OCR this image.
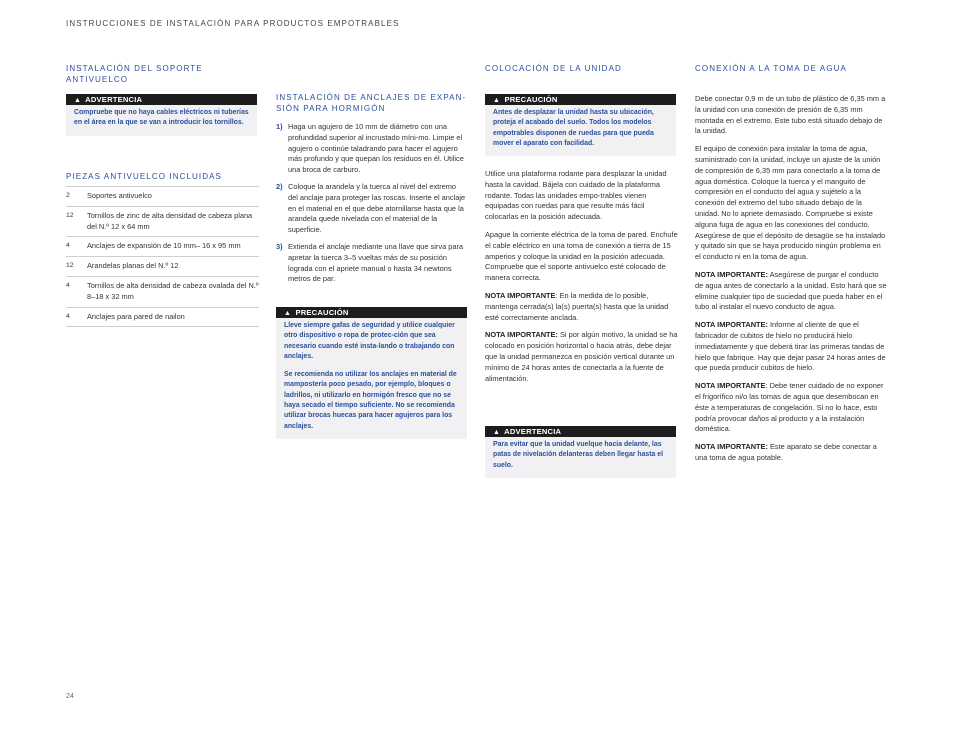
INSTRUCCIONES DE INSTALACIÓN PARA PRODUCTOS EMPOTRABLES
INSTALACIÓN DEL SOPORTE
ANTIVUELCO
▲ ADVERTENCIA

Compruebe que no haya cables eléctricos ni tuberías en el área en la que se van a introducir los tornillos.

PIEZAS ANTIVUELCO INCLUIDAS
2	Soportes antivuelco
12	Tornillos de zinc de alta densidad de cabeza plana del N.º 12 x 64 mm
4	Anclajes de expansión de 10 mm– 16 x 95 mm
12	Arandelas planas del N.º 12
4	Tornillos de alta densidad de cabeza ovalada del N.º 8–18 x 32 mm
4	Anclajes para pared de nailon
INSTALACIÓN DE ANCLAJES DE EXPAN-
SIÓN PARA HORMIGÓN
1) Haga un agujero de 10 mm de diámetro con una profundidad superior al incrustado míni-mo. Limpie el agujero o continúe taladrando para hacer el agujero más profundo y que quepan los residuos en él. Utilice una broca de carburo.
2) Coloque la arandela y la tuerca al nivel del extremo del anclaje para proteger las roscas. Inserte el anclaje en el material en el que debe atornillarse hasta que la arandela quede nivelada con el material de la superficie.
3) Extienda el anclaje mediante una llave que sirva para apretar la tuerca 3–5 vueltas más de su posición lograda con el apriete manual o hasta 34 newtons metros de par.
▲ PRECAUCIÓN

Lleve siempre gafas de seguridad y utilice cualquier otro dispositivo o ropa de protec-ción que sea necesario cuando esté insta-lando o trabajando con anclajes.

Se recomienda no utilizar los anclajes en material de mampostería poco pesado, por ejemplo, bloques o ladrillos, ni utilizarlo en hormigón fresco que no se haya secado el tiempo suficiente. No se recomienda utilizar brocas huecas para hacer agujeros para los anclajes.

COLOCACIÓN DE LA UNIDAD
▲ PRECAUCIÓN

Antes de desplazar la unidad hasta su ubicación, proteja el acabado del suelo. Todos los modelos empotrables disponen de ruedas para que pueda mover el aparato con facilidad.

Utilice una plataforma rodante para desplazar la unidad hasta la cavidad. Bájela con cuidado de la plataforma rodante. Todas las unidades empo-trables vienen equipadas con ruedas para que resulte más fácil colocarlas en la posición adecuada.

Apague la corriente eléctrica de la toma de pared. Enchufe el cable eléctrico en una toma de conexión a tierra de 15 amperios y coloque la unidad en la posición adecuada. Compruebe que el soporte antivuelco esté colocado de manera correcta.

NOTA IMPORTANTE: En la medida de lo posible, mantenga cerrada(s) la(s) puerta(s) hasta que la unidad esté correctamente anclada.

NOTA IMPORTANTE: Si por algún motivo, la unidad se ha colocado en posición horizontal o hacia atrás, debe dejar que la unidad permanezca en posición vertical durante un mínimo de 24 horas antes de conectarla a la fuente de alimentación.

▲ ADVERTENCIA

Para evitar que la unidad vuelque hacia delante, las patas de nivelación delanteras deben llegar hasta el suelo.

CONEXIÓN A LA TOMA DE AGUA

Debe conectar 0,9 m de un tubo de plástico de 6,35 mm a la unidad con una conexión de presión de 6,35 mm montada en el extremo. Este tubo está situado debajo de la unidad.

El equipo de conexión para instalar la toma de agua, suministrado con la unidad, incluye un ajuste de la unión de compresión de 6,35 mm para conectarlo a la toma de agua doméstica. Coloque la tuerca y el manguito de compresión en el conducto del agua y sujételo a la conexión del extremo del tubo situado debajo de la unidad. No lo apriete demasiado. Compruebe si existe alguna fuga de agua en las conexiones del conducto. Asegúrese de que el depósito de desagüe se ha instalado y quitado sin que se haya producido ningún problema en el conducto ni en la toma de agua.

NOTA IMPORTANTE: Asegúrese de purgar el conducto de agua antes de conectarlo a la unidad. Esto hará que se elimine cualquier tipo de suciedad que pueda haber en el tubo al instalar el nuevo conducto de agua.

NOTA IMPORTANTE: Informe al cliente de que el fabricador de cubitos de hielo no producirá hielo inmediatamente y que deberá tirar las primeras tandas de hielo que fabrique. Hay que dejar pasar 24 horas antes de que pueda producir cubitos de hielo.

NOTA IMPORTANTE: Debe tener cuidado de no exponer el frigorífico ni/o las tomas de agua que desembocan en éste a temperaturas de congelación. Si no lo hace, esto podría provocar daños al producto y a la instalación doméstica.

NOTA IMPORTANTE: Este aparato se debe conectar a una toma de agua potable.

24
